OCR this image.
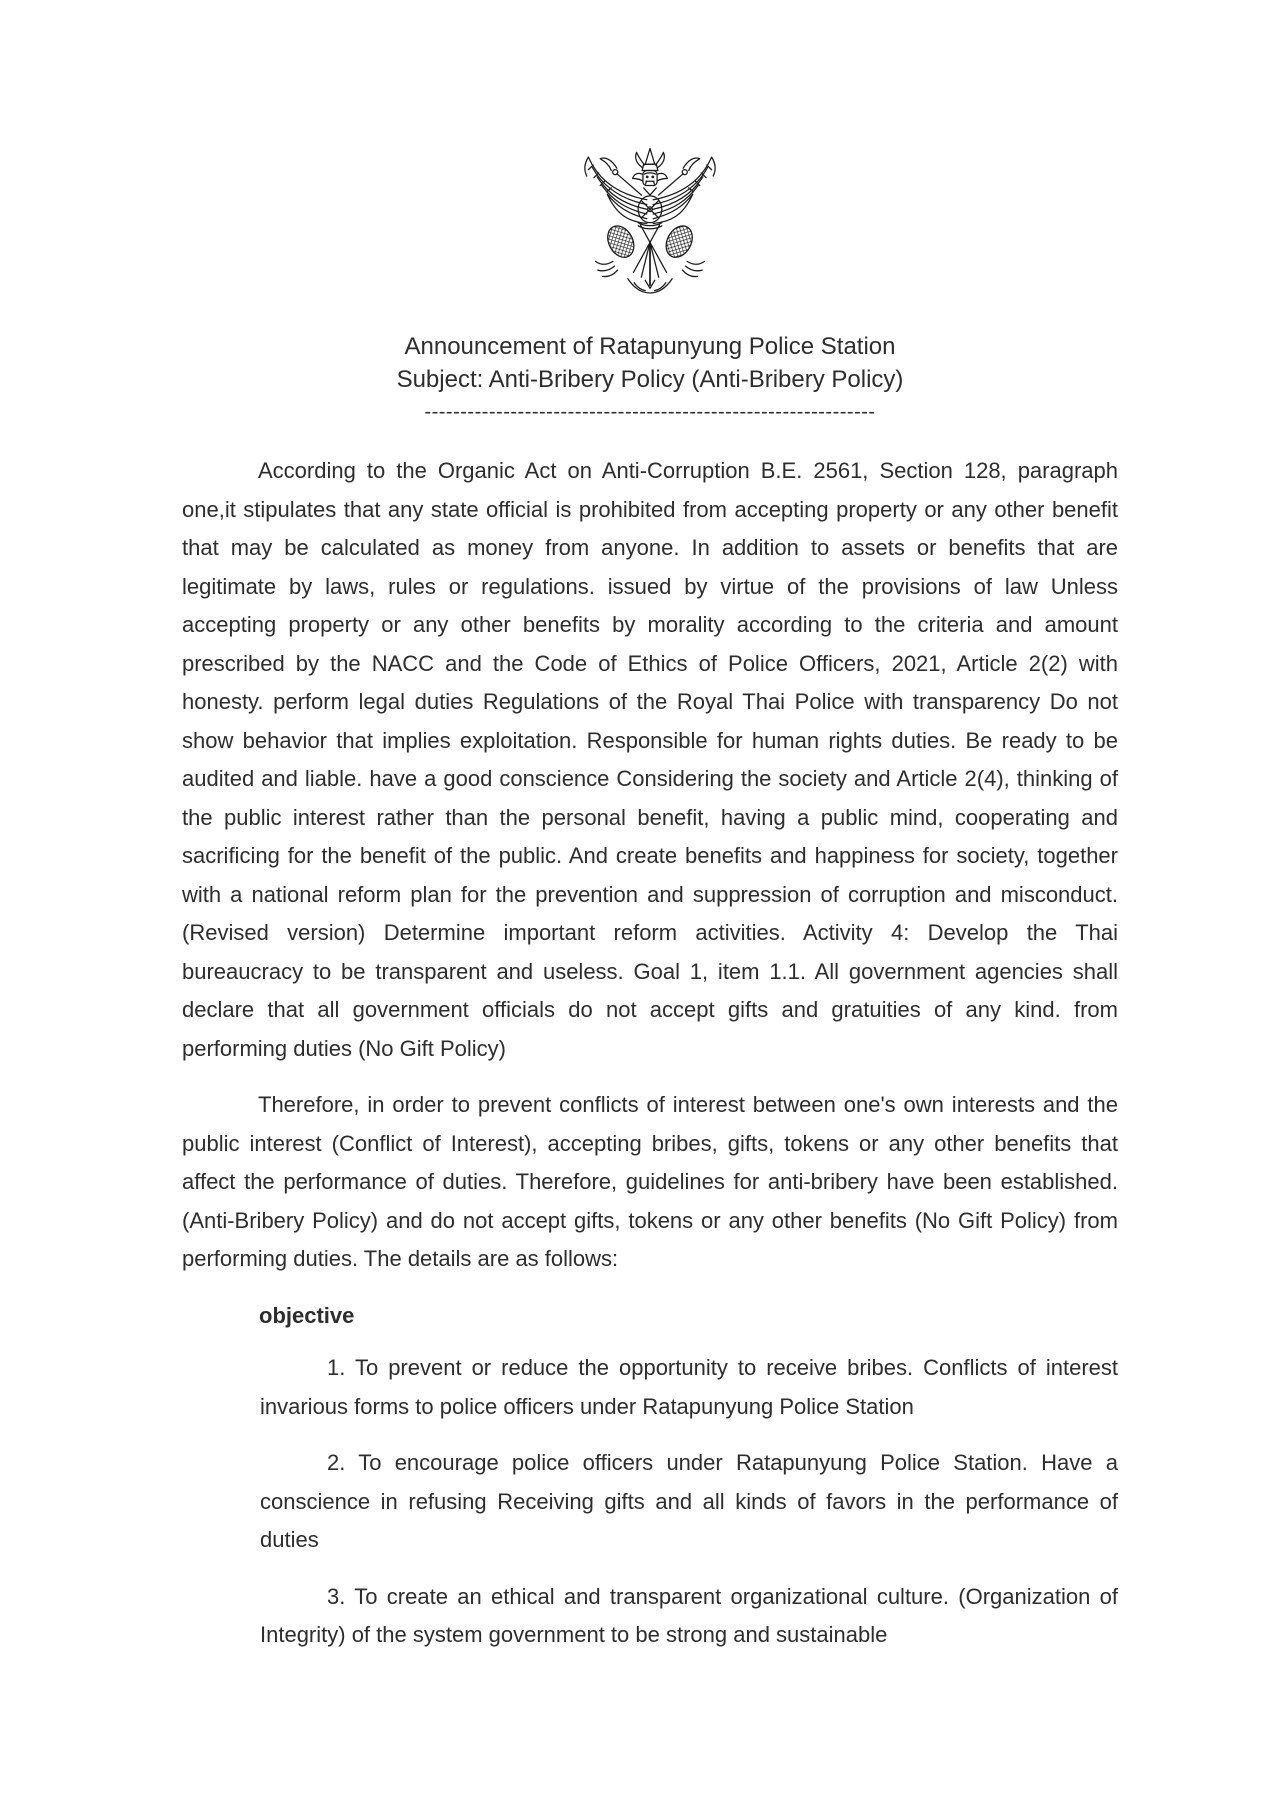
Announcement of Ratapunyung Police Station
Subject: Anti-Bribery Policy (Anti-Bribery Policy)
---------------------------------------------------------------

According to the Organic Act on Anti-Corruption B.E. 2561, Section 128, paragraph one,it stipulates that any state official is prohibited from accepting property or any other benefit that may be calculated as money from anyone. In addition to assets or benefits that are legitimate by laws, rules or regulations. issued by virtue of the provisions of law Unless accepting property or any other benefits by morality according to the criteria and amount prescribed by the NACC and the Code of Ethics of Police Officers, 2021, Article 2(2) with honesty. perform legal duties Regulations of the Royal Thai Police with transparency Do not show behavior that implies exploitation. Responsible for human rights duties. Be ready to be audited and liable. have a good conscience Considering the society and Article 2(4), thinking of the public interest rather than the personal benefit, having a public mind, cooperating and sacrificing for the benefit of the public. And create benefits and happiness for society, together with a national reform plan for the prevention and suppression of corruption and misconduct. (Revised version) Determine important reform activities. Activity 4: Develop the Thai bureaucracy to be transparent and useless. Goal 1, item 1.1. All government agencies shall declare that all government officials do not accept gifts and gratuities of any kind. from performing duties (No Gift Policy)

Therefore, in order to prevent conflicts of interest between one's own interests and the public interest (Conflict of Interest), accepting bribes, gifts, tokens or any other benefits that affect the performance of duties. Therefore, guidelines for anti-bribery have been established. (Anti-Bribery Policy) and do not accept gifts, tokens or any other benefits (No Gift Policy) from performing duties. The details are as follows:

objective

1. To prevent or reduce the opportunity to receive bribes. Conflicts of interest invarious forms to police officers under Ratapunyung Police Station

2. To encourage police officers under Ratapunyung Police Station. Have a conscience in refusing Receiving gifts and all kinds of favors in the performance of duties

3. To create an ethical and transparent organizational culture. (Organization of Integrity) of the system government to be strong and sustainable
